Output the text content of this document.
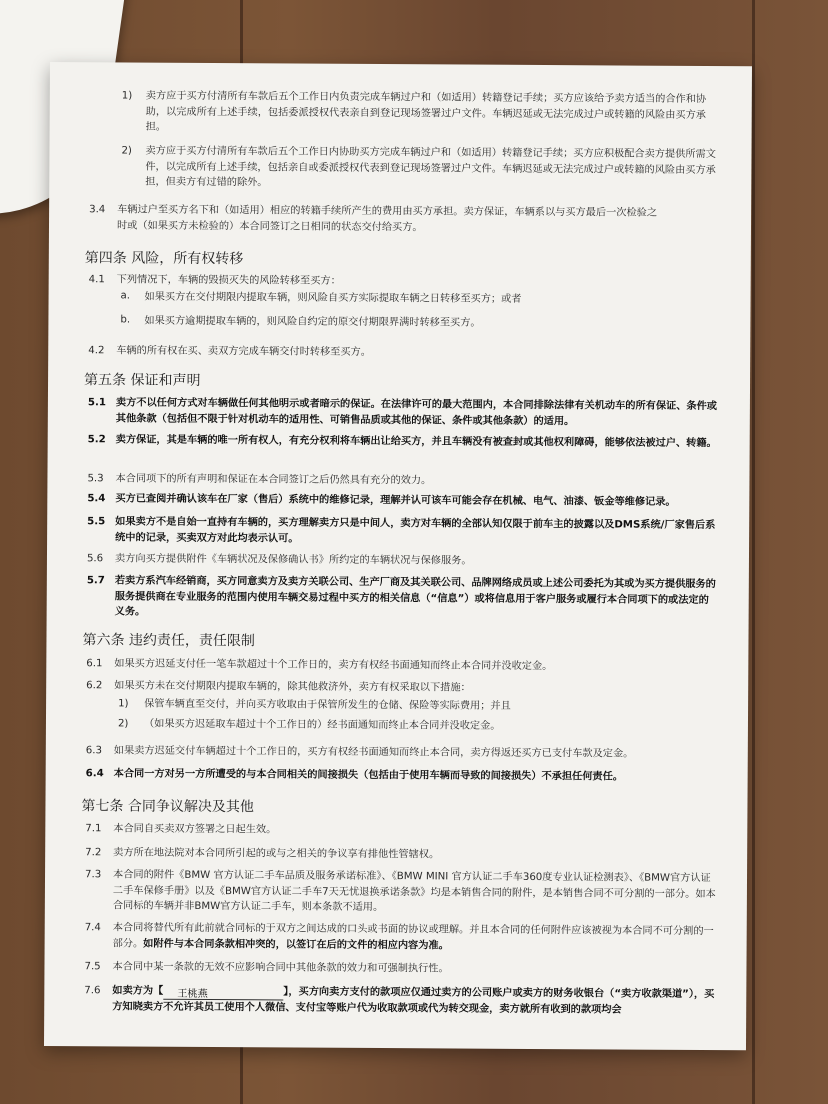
1) 卖方应于买方付清所有车款后五个工作日内负责完成车辆过户和（如适用）转籍登记手续；买方应该给予卖方适当的合作和协助，以完成所有上述手续，包括委派授权代表亲自到登记现场签署过户文件。车辆迟延或无法完成过户或转籍的风险由买方承担。
2) 卖方应于买方付清所有车款后五个工作日内协助买方完成车辆过户和（如适用）转籍登记手续；买方应积极配合卖方提供所需文件，以完成所有上述手续，包括亲自或委派授权代表到登记现场签署过户文件。车辆迟延或无法完成过户或转籍的风险由买方承担，但卖方有过错的除外。
3.4 车辆过户至买方名下和（如适用）相应的转籍手续所产生的费用由买方承担。卖方保证，车辆系以与买方最后一次检验之时或（如果买方未检验的）本合同签订之日相同的状态交付给买方。
第四条 风险，所有权转移
4.1 下列情况下，车辆的毁损灭失的风险转移至买方：
a. 如果买方在交付期限内提取车辆，则风险自买方实际提取车辆之日转移至买方；或者
b. 如果买方逾期提取车辆的，则风险自约定的原交付期限界满时转移至买方。
4.2 车辆的所有权在买、卖双方完成车辆交付时转移至买方。
第五条 保证和声明
5.1 卖方不以任何方式对车辆做任何其他明示或者暗示的保证。在法律许可的最大范围内，本合同排除法律有关机动车的所有保证、条件或其他条款（包括但不限于针对机动车的适用性、可销售品质或其他的保证、条件或其他条款）的适用。
5.2 卖方保证，其是车辆的唯一所有权人，有充分权利将车辆出让给买方，并且车辆没有被查封或其他权利障碍，能够依法被过户、转籍。
5.3 本合同项下的所有声明和保证在本合同签订之后仍然具有充分的效力。
5.4 买方已查阅并确认该车在厂家（售后）系统中的维修记录，理解并认可该车可能会存在机械、电气、油漆、钣金等维修记录。
5.5 如果卖方不是自始一直持有车辆的，买方理解卖方只是中间人，卖方对车辆的全部认知仅限于前车主的披露以及DMS系统/厂家售后系统中的记录，买卖双方对此均表示认可。
5.6 卖方向买方提供附件《车辆状况及保修确认书》所约定的车辆状况与保修服务。
5.7 若卖方系汽车经销商，买方同意卖方及卖方关联公司、生产厂商及其关联公司、品牌网络成员或上述公司委托为其或为买方提供服务的服务提供商在专业服务的范围内使用车辆交易过程中买方的相关信息（“信息”）或将信息用于客户服务或履行本合同项下的或法定的义务。
第六条 违约责任，责任限制
6.1 如果买方迟延支付任一笔车款超过十个工作日的，卖方有权经书面通知而终止本合同并没收定金。
6.2 如果买方未在交付期限内提取车辆的，除其他救济外，卖方有权采取以下措施：
1) 保管车辆直至交付，并向买方收取由于保管所发生的仓储、保险等实际费用；并且
2) （如果买方迟延取车超过十个工作日的）经书面通知而终止本合同并没收定金。
6.3 如果卖方迟延交付车辆超过十个工作日的，买方有权经书面通知而终止本合同，卖方得返还买方已支付车款及定金。
6.4 本合同一方对另一方所遭受的与本合同相关的间接损失（包括由于使用车辆而导致的间接损失）不承担任何责任。
第七条 合同争议解决及其他
7.1 本合同自买卖双方签署之日起生效。
7.2 卖方所在地法院对本合同所引起的或与之相关的争议享有排他性管辖权。
7.3 本合同的附件《BMW 官方认证二手车品质及服务承诺标准》、《BMW MINI 官方认证二手车360度专业认证检测表》、《BMW官方认证二手车保修手册》以及《BMW官方认证二手车7天无忧退换承诺条款》均是本销售合同的附件，是本销售合同不可分割的一部分。如本合同标的车辆并非BMW官方认证二手车，则本条款不适用。
7.4 本合同将替代所有此前就合同标的于双方之间达成的口头或书面的协议或理解。并且本合同的任何附件应该被视为本合同不可分割的一部分。如附件与本合同条款相冲突的，以签订在后的文件的相应内容为准。
7.5 本合同中某一条款的无效不应影响合同中其他条款的效力和可强制执行性。
7.6 如卖方为【 王桃燕	】，买方向卖方支付的款项应仅通过卖方的公司账户或卖方的财务收银台（“卖方收款渠道”），买方知晓卖方不允许其员工使用个人微信、支付宝等账户代为收取款项或代为转交现金，卖方就所有收到的款项均会
